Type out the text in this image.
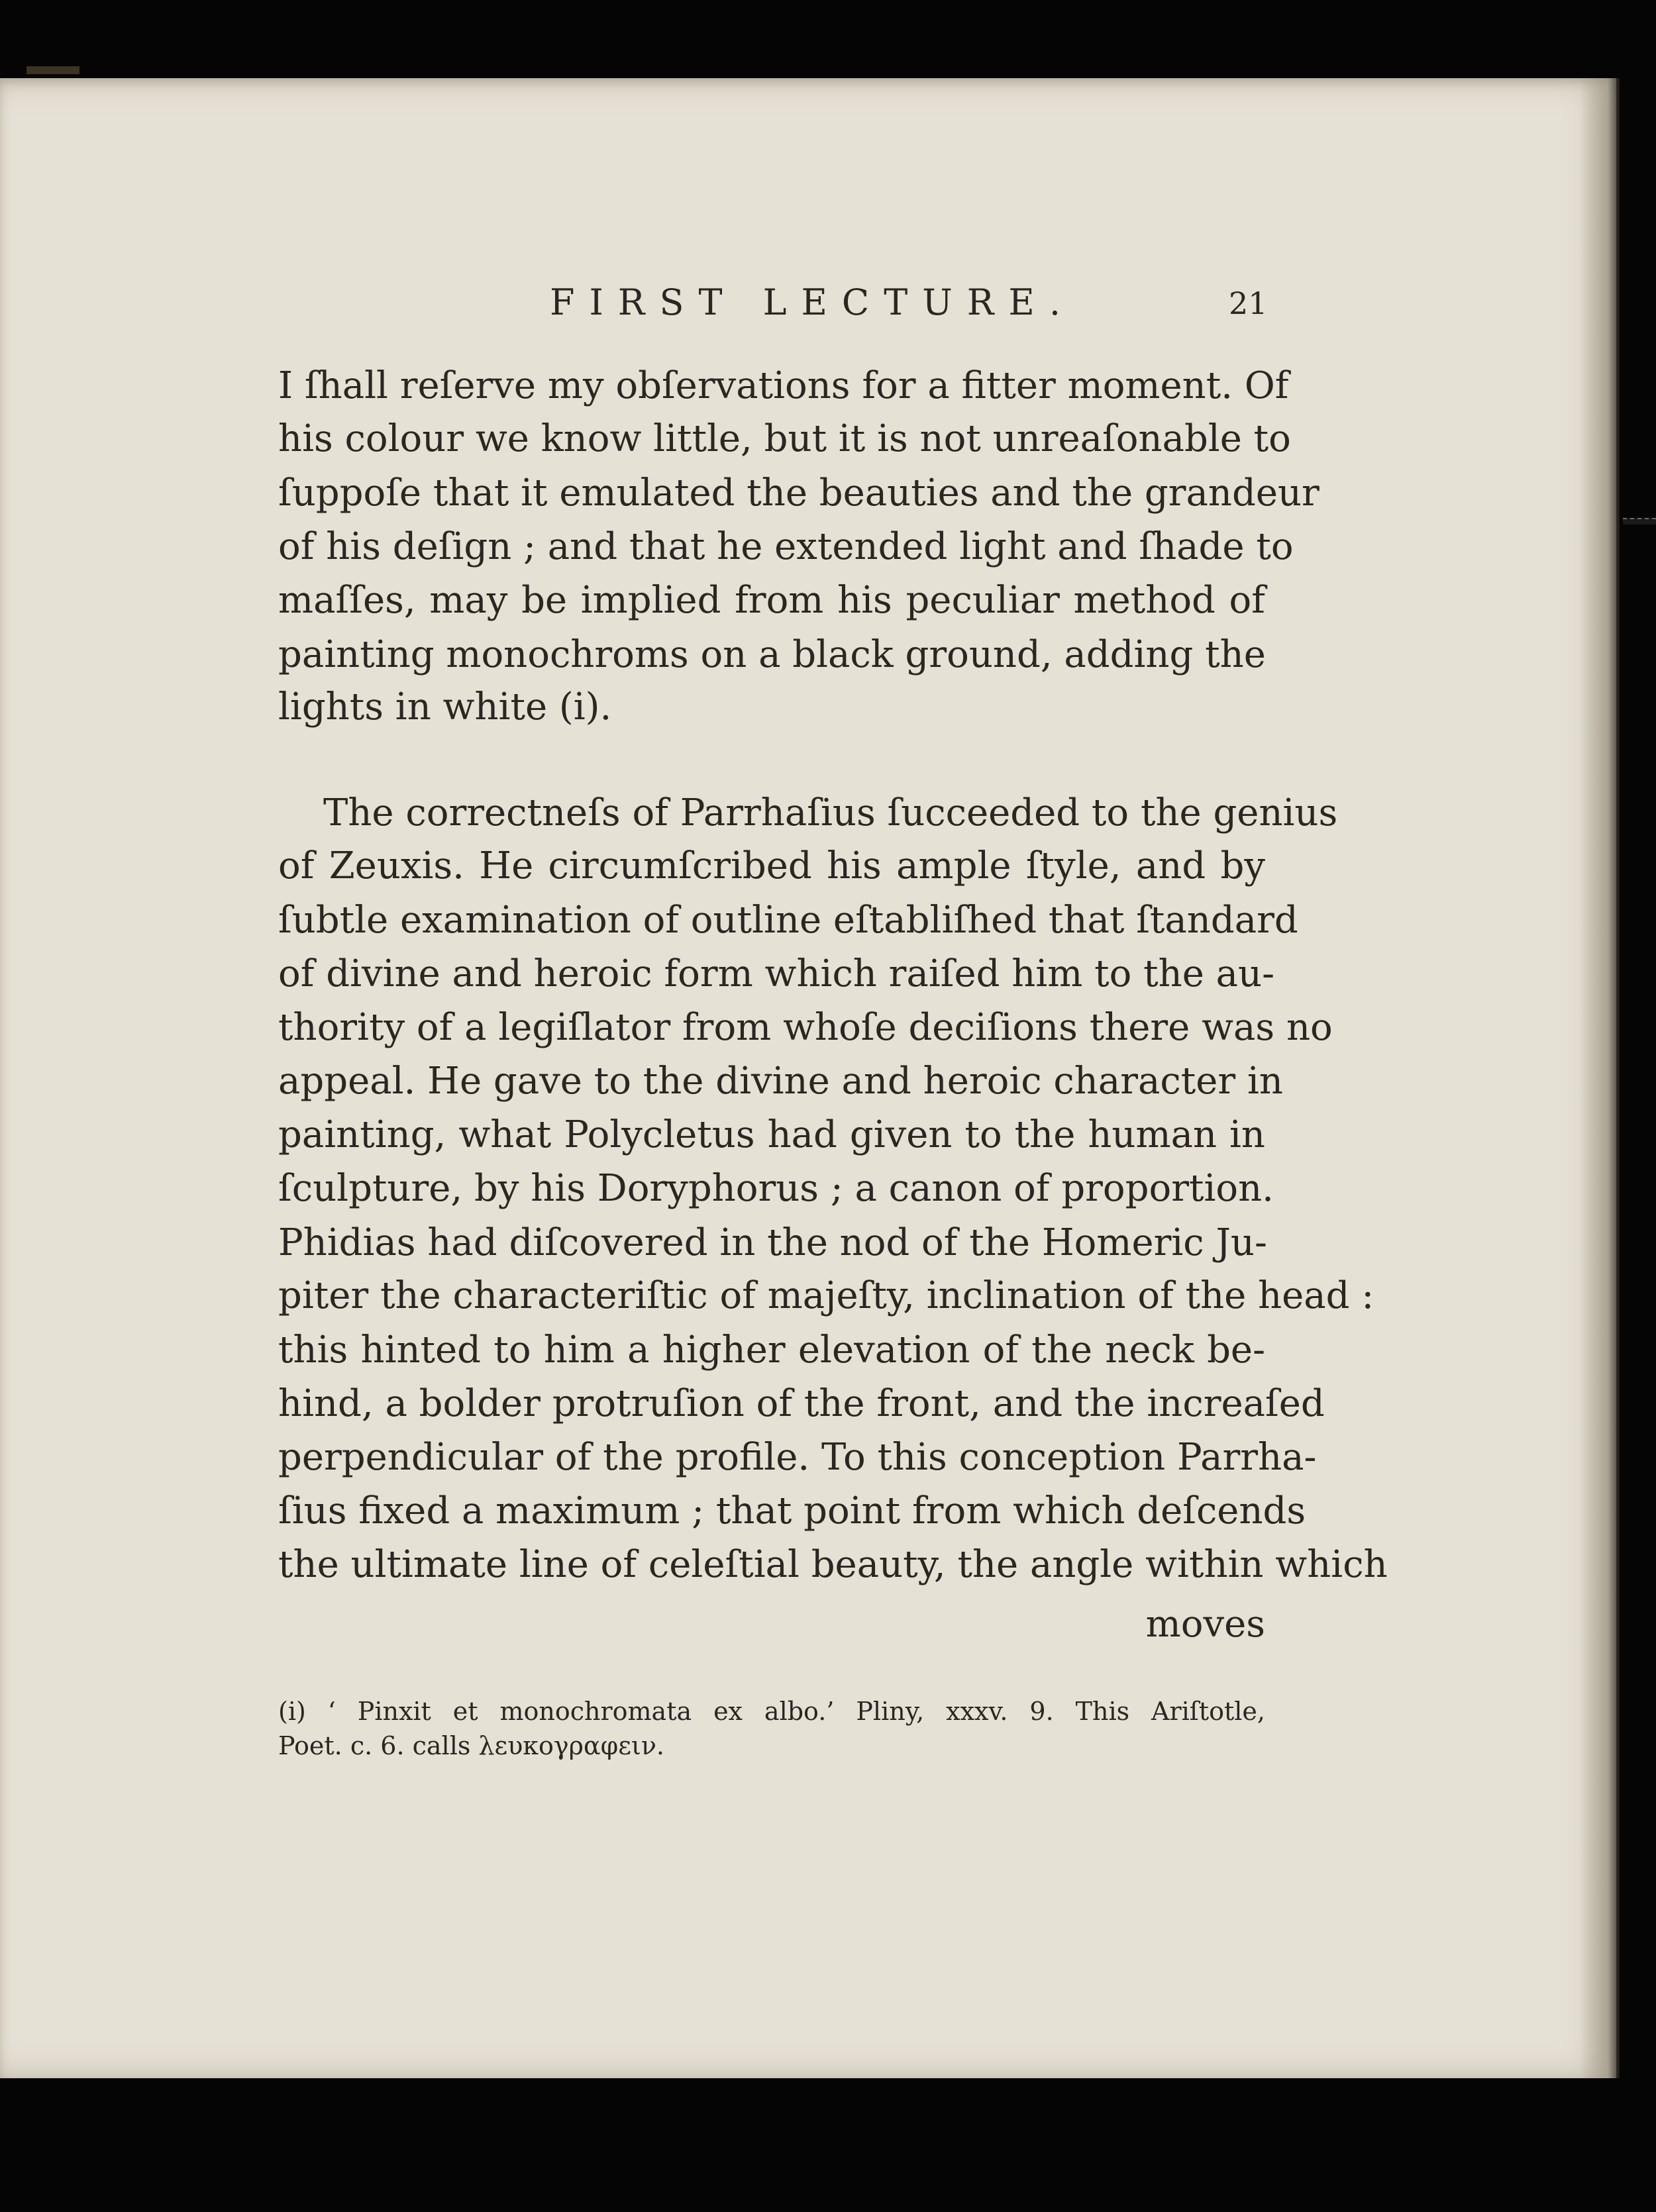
FIRST LECTURE.	21
I ſhall reſerve my obſervations for a fitter moment. Of
his colour we know little, but it is not unreaſonable to
ſuppoſe that it emulated the beauties and the grandeur
of his deſign ; and that he extended light and ſhade to
maſſes, may be implied from his peculiar method of
painting monochroms on a black ground, adding the
lights in white (i).
The correctneſs of Parrhaſius ſucceeded to the genius
of Zeuxis. He circumſcribed his ample ſtyle, and by
ſubtle examination of outline eſtabliſhed that ſtandard
of divine and heroic form which raiſed him to the au-
thority of a legiſlator from whoſe deciſions there was no
appeal. He gave to the divine and heroic character in
painting, what Polycletus had given to the human in
ſculpture, by his Doryphorus ; a canon of proportion.
Phidias had diſcovered in the nod of the Homeric Ju-
piter the characteriſtic of majeſty, inclination of the head :
this hinted to him a higher elevation of the neck be-
hind, a bolder protruſion of the front, and the increaſed
perpendicular of the profile. To this conception Parrha-
ſius fixed a maximum ; that point from which deſcends
the ultimate line of celeſtial beauty, the angle within which
moves
(i) ‘ Pinxit et monochromata ex albo.’ Pliny, xxxv. 9. This Ariſtotle,
Poet. c. 6. calls λευκογραφειν.
